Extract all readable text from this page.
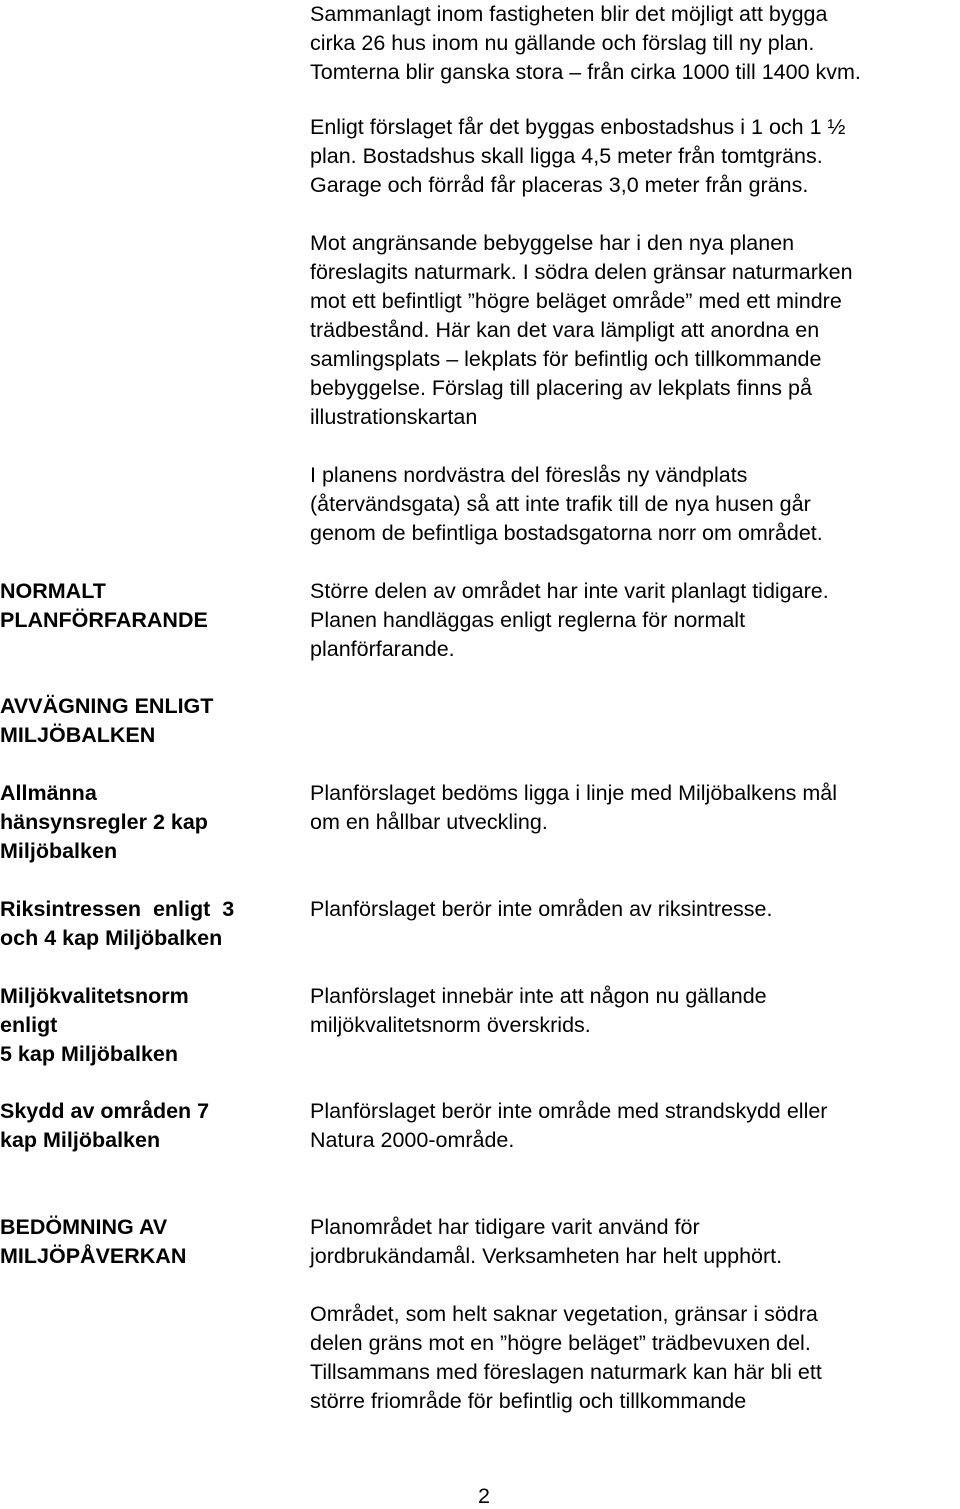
Sammanlagt inom fastigheten blir det möjligt att bygga
cirka 26 hus inom nu gällande och förslag till ny plan.
Tomterna blir ganska stora – från cirka 1000 till 1400 kvm.
Enligt förslaget får det byggas enbostadshus i 1 och 1 ½
plan. Bostadshus skall ligga 4,5 meter från tomtgräns.
Garage och förråd får placeras 3,0 meter från gräns.
Mot angränsande bebyggelse har i den nya planen
föreslagits naturmark. I södra delen gränsar naturmarken
mot ett befintligt ”högre beläget område” med ett mindre
trädbestånd. Här kan det vara lämpligt att anordna en
samlingsplats – lekplats för befintlig och tillkommande
bebyggelse. Förslag till placering av lekplats finns på
illustrationskartan
I planens nordvästra del föreslås ny vändplats
(återvändsgata) så att inte trafik till de nya husen går
genom de befintliga bostadsgatorna norr om området.
Större delen av området har inte varit planlagt tidigare.
Planen handläggas enligt reglerna för normalt
planförfarande.
Planförslaget bedöms ligga i linje med Miljöbalkens mål
om en hållbar utveckling.
Planförslaget berör inte områden av riksintresse.
Planförslaget innebär inte att någon nu gällande
miljökvalitetsnorm överskrids.
Planförslaget berör inte område med strandskydd eller
Natura 2000-område.
Planområdet har tidigare varit använd för
jordbrukändamål. Verksamheten har helt upphört.
Området, som helt saknar vegetation, gränsar i södra
delen gräns mot en ”högre beläget” trädbevuxen del.
Tillsammans med föreslagen naturmark kan här bli ett
större friområde för befintlig och tillkommande
NORMALT
PLANFÖRFARANDE
AVVÄGNING ENLIGT
MILJÖBALKEN
Allmänna
hänsynsregler 2 kap
Miljöbalken
Riksintressen  enligt  3
och 4 kap Miljöbalken
Miljökvalitetsnorm
enligt
5 kap Miljöbalken
Skydd av områden 7
kap Miljöbalken
BEDÖMNING AV
MILJÖPÅVERKAN
2
